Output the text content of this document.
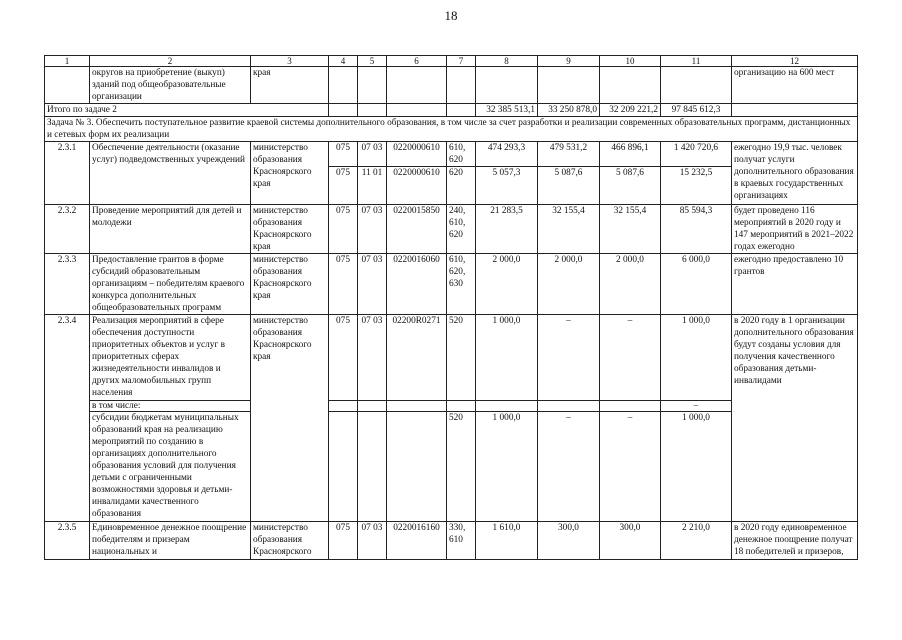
18
1	2	3	4	5	6	7	8	9	10	11	12
	округов на приобретение (выкуп) зданий под общеобразовательные организации	края									организацию на 600 мест
Итого по задаче 2							32 385 513,1	33 250 878,0	32 209 221,2	97 845 612,3	
Задача № 3. Обеспечить поступательное развитие краевой системы дополнительного образования, в том числе за счет разработки и реализации современных образовательных программ, дистанционных и сетевых форм их реализации											
2.3.1	Обеспечение деятельности (оказание услуг) подведомственных учреждений	министерство образования Красноярского края	075	07 03	0220000610	610, 620	474 293,3	479 531,2	466 896,1	1 420 720,6	ежегодно 19,9 тыс. человек получат услуги дополнительного образования в краевых государственных организациях
			075	11 01	0220000610	620	5 057,3	5 087,6	5 087,6	15 232,5	
2.3.2	Проведение мероприятий для детей и молодежи	министерство образования Красноярского края	075	07 03	0220015850	240, 610, 620	21 283,5	32 155,4	32 155,4	85 594,3	будет проведено 116 мероприятий в 2020 году и 147 мероприятий в 2021–2022 годах ежегодно
2.3.3	Предоставление грантов в форме субсидий образовательным организациям – победителям краевого конкурса дополнительных общеобразовательных программ	министерство образования Красноярского края	075	07 03	0220016060	610, 620, 630	2 000,0	2 000,0	2 000,0	6 000,0	ежегодно предоставлено 10 грантов
2.3.4	Реализация мероприятий в сфере обеспечения доступности приоритетных объектов и услуг в приоритетных сферах жизнедеятельности инвалидов и других маломобильных групп населения	министерство образования Красноярского края	075	07 03	02200R0271	520	1 000,0	–	–	1 000,0	в 2020 году в 1 организации дополнительного образования будут созданы условия для получения качественного образования детьми-инвалидами
	в том числе:									–	
	субсидии бюджетам муниципальных образований края на реализацию мероприятий по созданию в организациях дополнительного образования условий для получения детьми с ограниченными возможностями здоровья и детьми-инвалидами качественного образования					520	1 000,0	–	–	1 000,0	
2.3.5	Единовременное денежное поощрение победителям и призерам национальных и	министерство образования Красноярского	075	07 03	0220016160	330, 610	1 610,0	300,0	300,0	2 210,0	в 2020 году единовременное денежное поощрение получат 18 победителей и призеров,
